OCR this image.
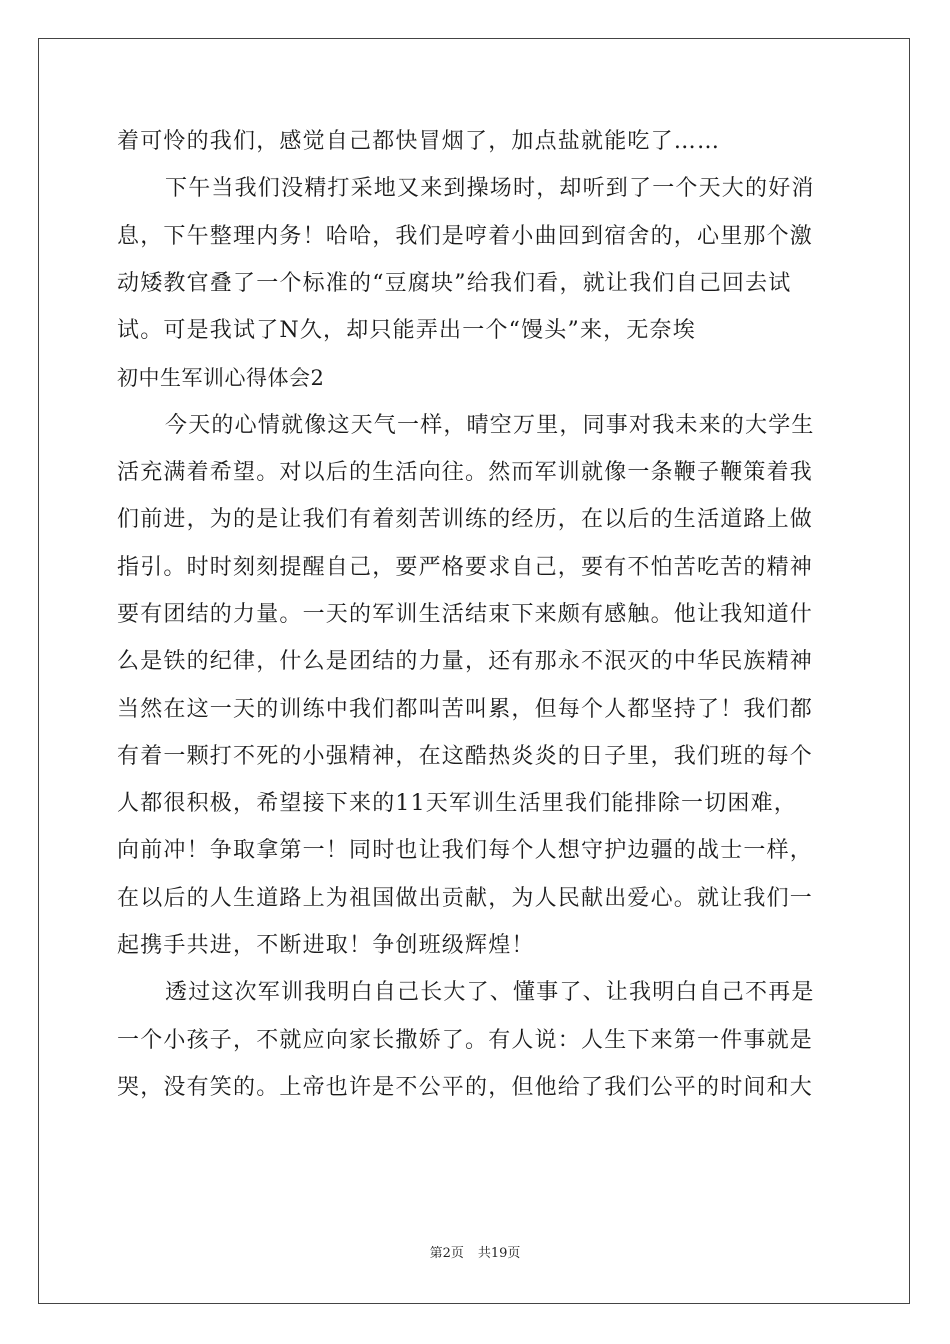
着可怜的我们，感觉自己都快冒烟了，加点盐就能吃了……
下午当我们没精打采地又来到操场时，却听到了一个天大的好消
息，下午整理内务！哈哈，我们是哼着小曲回到宿舍的，心里那个激
动矮教官叠了一个标准的“豆腐块”给我们看，就让我们自己回去试
试。可是我试了N久，却只能弄出一个“馒头”来，无奈埃
初中生军训心得体会2
今天的心情就像这天气一样，晴空万里，同事对我未来的大学生
活充满着希望。对以后的生活向往。然而军训就像一条鞭子鞭策着我
们前进，为的是让我们有着刻苦训练的经历，在以后的生活道路上做
指引。时时刻刻提醒自己，要严格要求自己，要有不怕苦吃苦的精神
要有团结的力量。一天的军训生活结束下来颇有感触。他让我知道什
么是铁的纪律，什么是团结的力量，还有那永不泯灭的中华民族精神
当然在这一天的训练中我们都叫苦叫累，但每个人都坚持了！我们都
有着一颗打不死的小强精神，在这酷热炎炎的日子里，我们班的每个
人都很积极，希望接下来的11天军训生活里我们能排除一切困难，
向前冲！争取拿第一！同时也让我们每个人想守护边疆的战士一样，
在以后的人生道路上为祖国做出贡献，为人民献出爱心。就让我们一
起携手共进，不断进取！争创班级辉煌！
透过这次军训我明白自己长大了、懂事了、让我明白自己不再是
一个小孩子，不就应向家长撒娇了。有人说：人生下来第一件事就是
哭，没有笑的。上帝也许是不公平的，但他给了我们公平的时间和大
第2页 共19页
